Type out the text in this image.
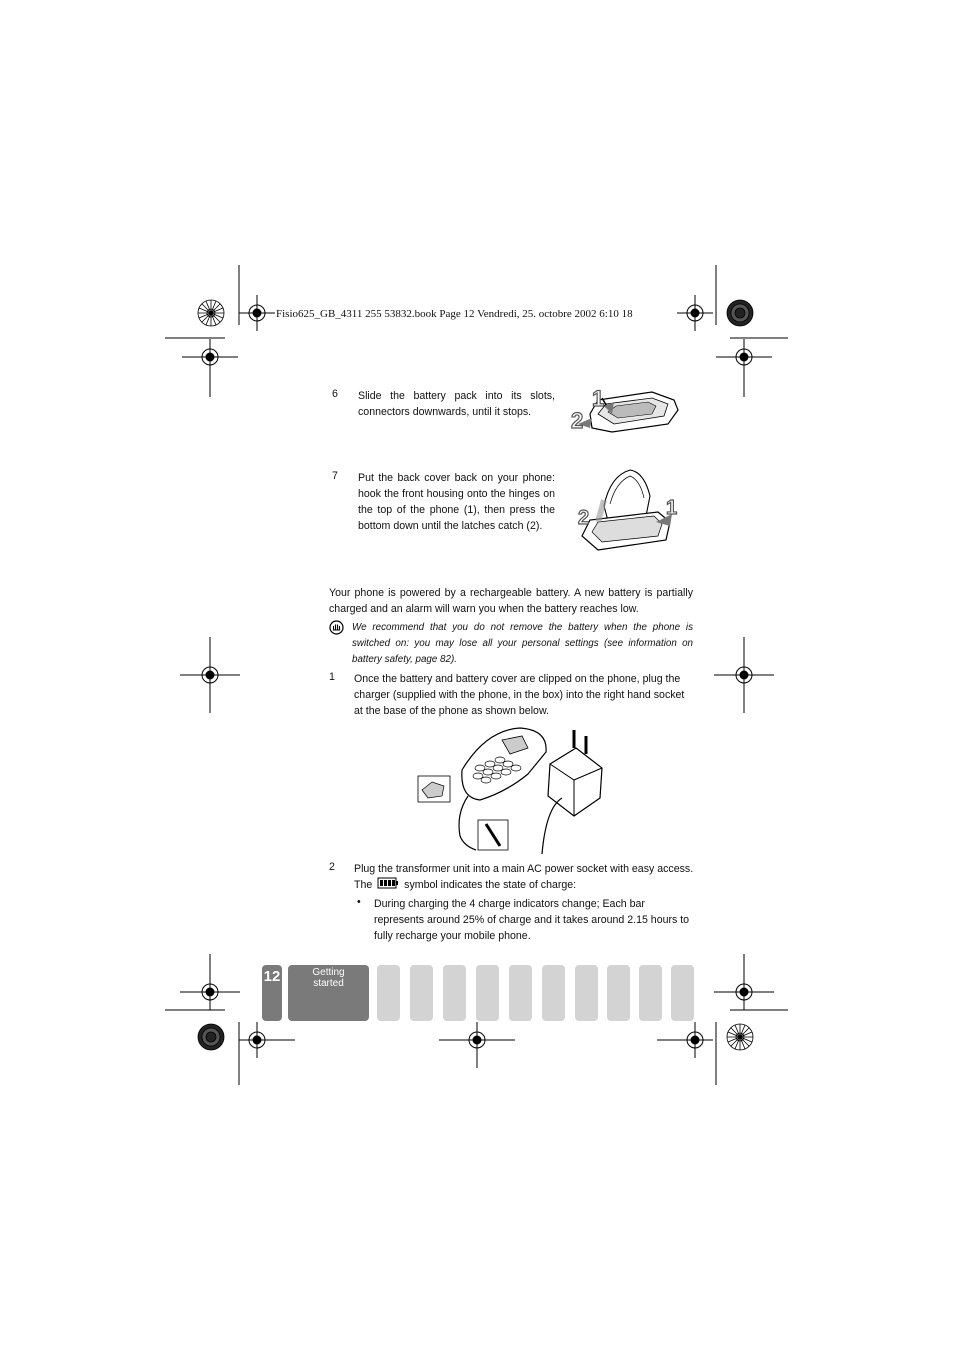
Fisio625_GB_4311 255 53832.book Page 12 Vendredi, 25. octobre 2002 6:10 18
6 Slide the battery pack into its slots, connectors downwards, until it stops.
1
2
7 Put the back cover back on your phone: hook the front housing onto the hinges on the top of the phone (1), then press the bottom down until the latches catch (2).	2	1
Your phone is powered by a rechargeable battery. A new battery is partially charged and an alarm will warn you when the battery reaches low.
We recommend that you do not remove the battery when the phone is switched on: you may lose all your personal settings (see information on battery safety, page 82).
1 Once the battery and battery cover are clipped on the phone, plug the charger (supplied with the phone, in the box) into the right hand socket at the base of the phone as shown below.
2 Plug the transformer unit into a main AC power socket with easy access.
The	symbol indicates the state of charge:
• During charging the 4 charge indicators change; Each bar represents around 25% of charge and it takes around 2.15 hours to fully recharge your mobile phone.
12	Getting
started
